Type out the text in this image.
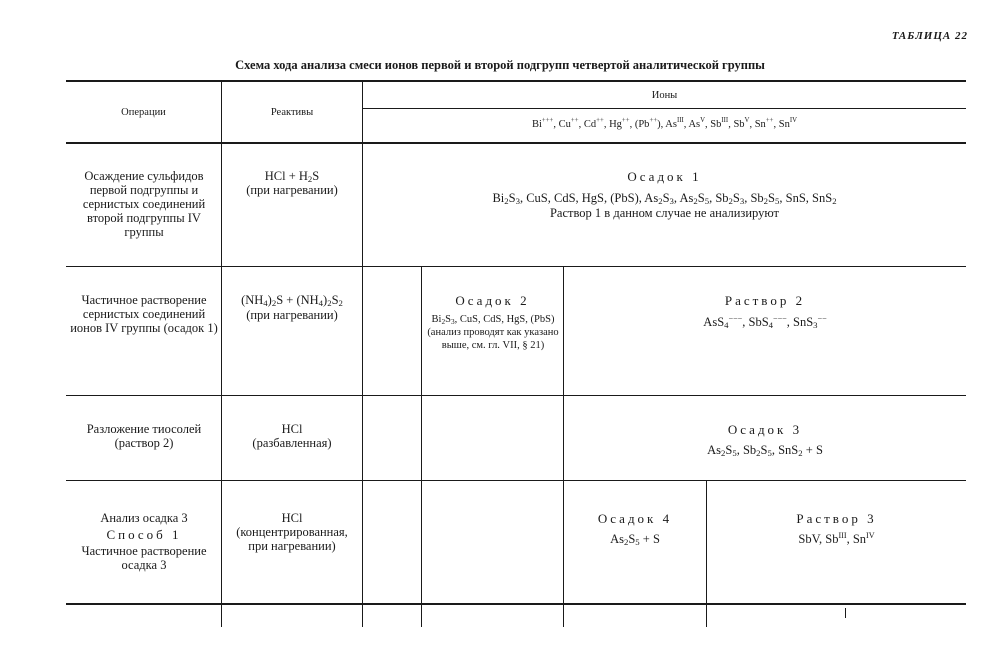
ТАБЛИЦА 22
Схема хода анализа смеси ионов первой и второй подгрупп четвертой аналитической группы
Операции	Реактивы
Ионы
Bi+++, Cu++, Cd++, Hg++, (Pb++), $As^{III}$, $As^V$, $Sb^{III}$, $Sb^V$, Sn++, $Sn^{IV}$
Осаждение сульфидов первой подгруппы и сернистых соединений второй подгруппы IV группы
HCl + $H_2S$
(при нагревании)
Осадок 1
$Bi_2S_3$, CuS, CdS, HgS, (PbS), $As_2S_3$, $As_2S_5$, $Sb_2S_3$, $Sb_2S_5$, SnS, SnS$_2$
Раствор 1 в данном случае не анализируют
Частичное растворение сернистых соединений ионов IV группы (осадок 1)
$(NH_4)_2S + (NH_4)_2S_2$
(при нагревании)
Осадок 2
$Bi_2S_3$, CuS, CdS, HgS, (PbS) (анализ проводят как указано выше, см. гл. VII, § 21)
Раствор 2
AsS$_4$−−−, SbS$_4$−−−, SnS$_3$−−
Разложение тиосолей (раствор 2)
HCl
(разбавленная)
Осадок 3
$As_2S_5$, $Sb_2S_5$, SnS$_2$ + S
Анализ осадка 3
Способ 1
Частичное растворение осадка 3
HCl
(концентрированная, при нагревании)
Осадок 4
$As_2S_5 + S$
Раствор 3
SbV, $Sb^{III}$, $Sn^{IV}$
